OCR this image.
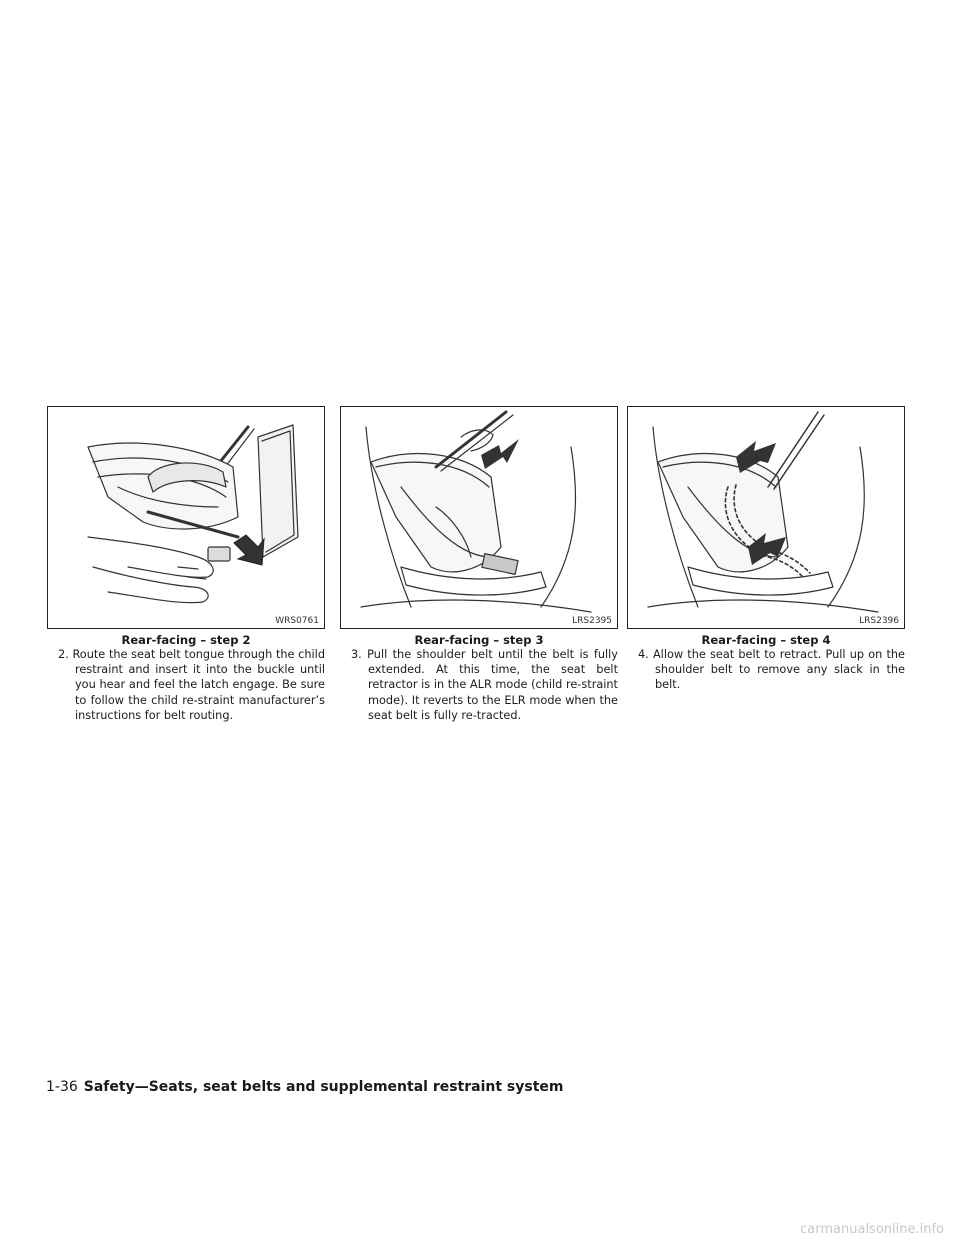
WRS0761
Rear-facing – step 2

2. Route the seat belt tongue through the child restraint and insert it into the buckle until you hear and feel the latch engage. Be sure to follow the child re-straint manufacturer’s instructions for belt routing.

LRS2395
Rear-facing – step 3

3. Pull the shoulder belt until the belt is fully extended. At this time, the seat belt retractor is in the ALR mode (child re-straint mode). It reverts to the ELR mode when the seat belt is fully re-tracted.

LRS2396
Rear-facing – step 4

4. Allow the seat belt to retract. Pull up on the shoulder belt to remove any slack in the belt.

1-36 Safety—Seats, seat belts and supplemental restraint system
carmanualsonline.info
